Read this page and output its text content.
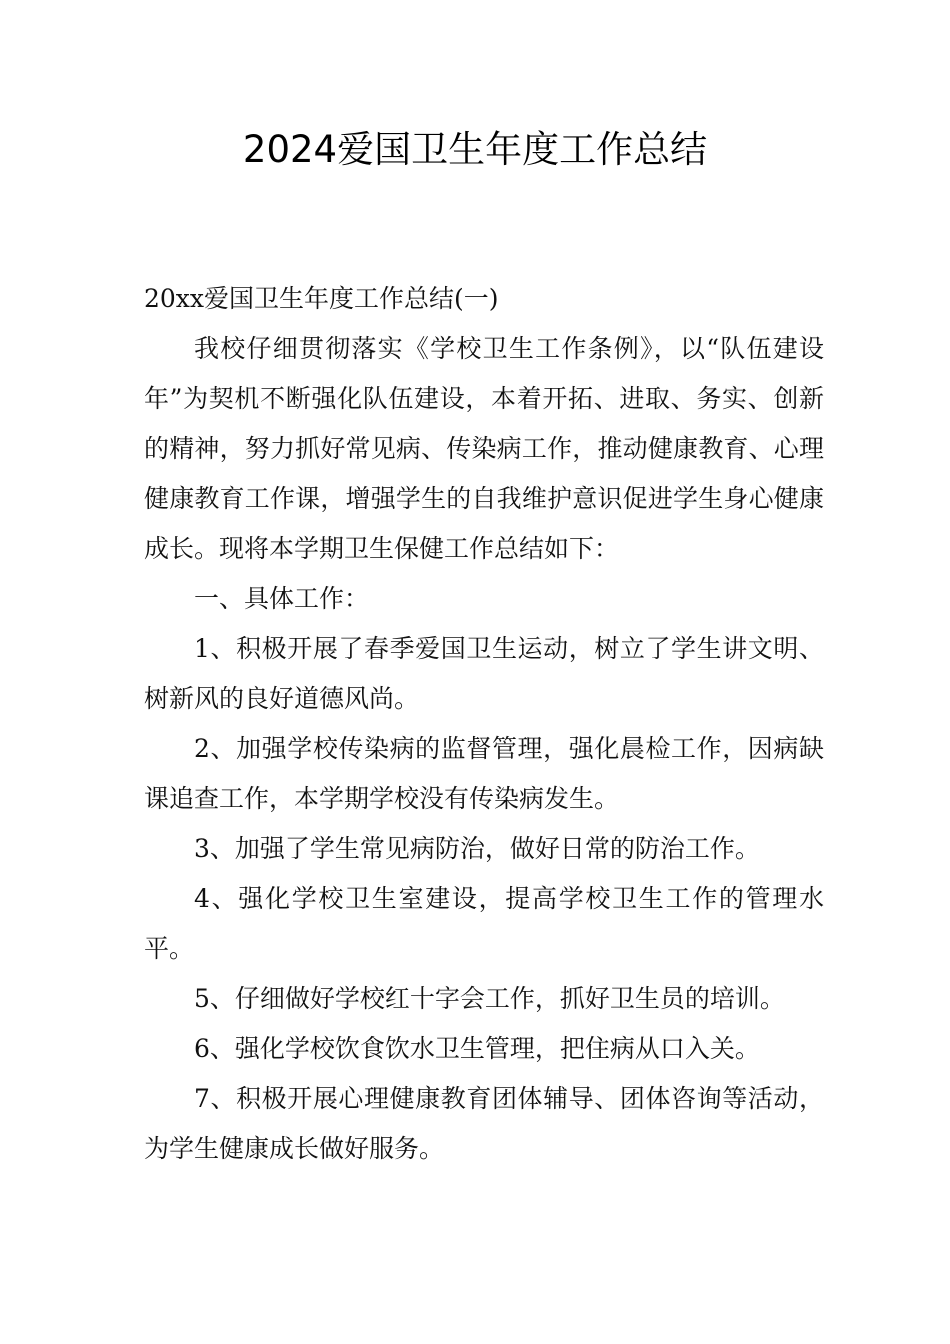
2024爱国卫生年度工作总结

20xx爱国卫生年度工作总结(一)

我校仔细贯彻落实《学校卫生工作条例》，以“队伍建设年”为契机不断强化队伍建设，本着开拓、进取、务实、创新的精神，努力抓好常见病、传染病工作，推动健康教育、心理健康教育工作课，增强学生的自我维护意识促进学生身心健康成长。现将本学期卫生保健工作总结如下：

一、具体工作：

1、积极开展了春季爱国卫生运动，树立了学生讲文明、树新风的良好道德风尚。

2、加强学校传染病的监督管理，强化晨检工作，因病缺课追查工作，本学期学校没有传染病发生。

3、加强了学生常见病防治，做好日常的防治工作。

4、强化学校卫生室建设，提高学校卫生工作的管理水平。

5、仔细做好学校红十字会工作，抓好卫生员的培训。

6、强化学校饮食饮水卫生管理，把住病从口入关。

7、积极开展心理健康教育团体辅导、团体咨询等活动，为学生健康成长做好服务。
